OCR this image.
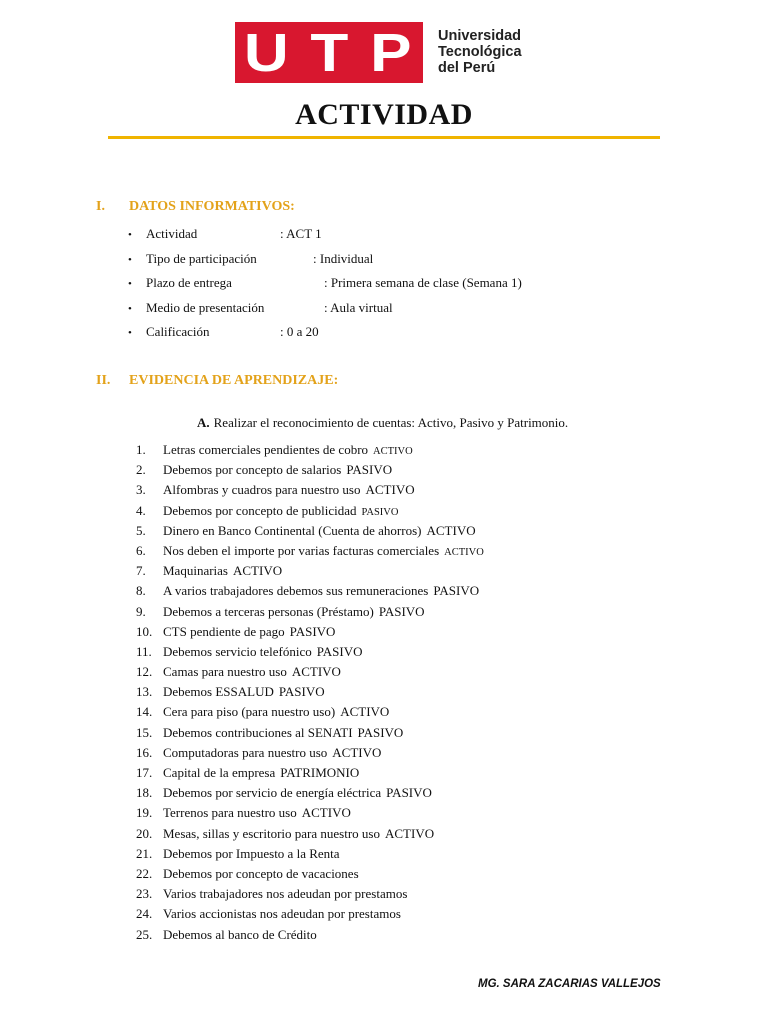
U T P Universidad
Tecnológica
del Perú
ACTIVIDAD
I. DATOS INFORMATIVOS:
• Actividad	: ACT 1
• Tipo de participación	: Individual
• Plazo de entrega	: Primera semana de clase (Semana 1)
• Medio de presentación	: Aula virtual
• Calificación	: 0 a 20
II. EVIDENCIA DE APRENDIZAJE:
A. Realizar el reconocimiento de cuentas: Activo, Pasivo y Patrimonio.
1. Letras comerciales pendientes de cobro ACTIVO
2. Debemos por concepto de salarios PASIVO
3. Alfombras y cuadros para nuestro uso ACTIVO
4. Debemos por concepto de publicidad PASIVO
5. Dinero en Banco Continental (Cuenta de ahorros) ACTIVO
6. Nos deben el importe por varias facturas comerciales ACTIVO
7. Maquinarias ACTIVO
8. A varios trabajadores debemos sus remuneraciones PASIVO
9. Debemos a terceras personas (Préstamo) PASIVO
10. CTS pendiente de pago PASIVO
11. Debemos servicio telefónico PASIVO
12. Camas para nuestro uso ACTIVO
13. Debemos ESSALUD PASIVO
14. Cera para piso (para nuestro uso) ACTIVO
15. Debemos contribuciones al SENATI PASIVO
16. Computadoras para nuestro uso ACTIVO
17. Capital de la empresa PATRIMONIO
18. Debemos por servicio de energía eléctrica PASIVO
19. Terrenos para nuestro uso ACTIVO
20. Mesas, sillas y escritorio para nuestro uso ACTIVO
21. Debemos por Impuesto a la Renta
22. Debemos por concepto de vacaciones
23. Varios trabajadores nos adeudan por prestamos
24. Varios accionistas nos adeudan por prestamos
25. Debemos al banco de Crédito
MG. SARA ZACARIAS VALLEJOS
